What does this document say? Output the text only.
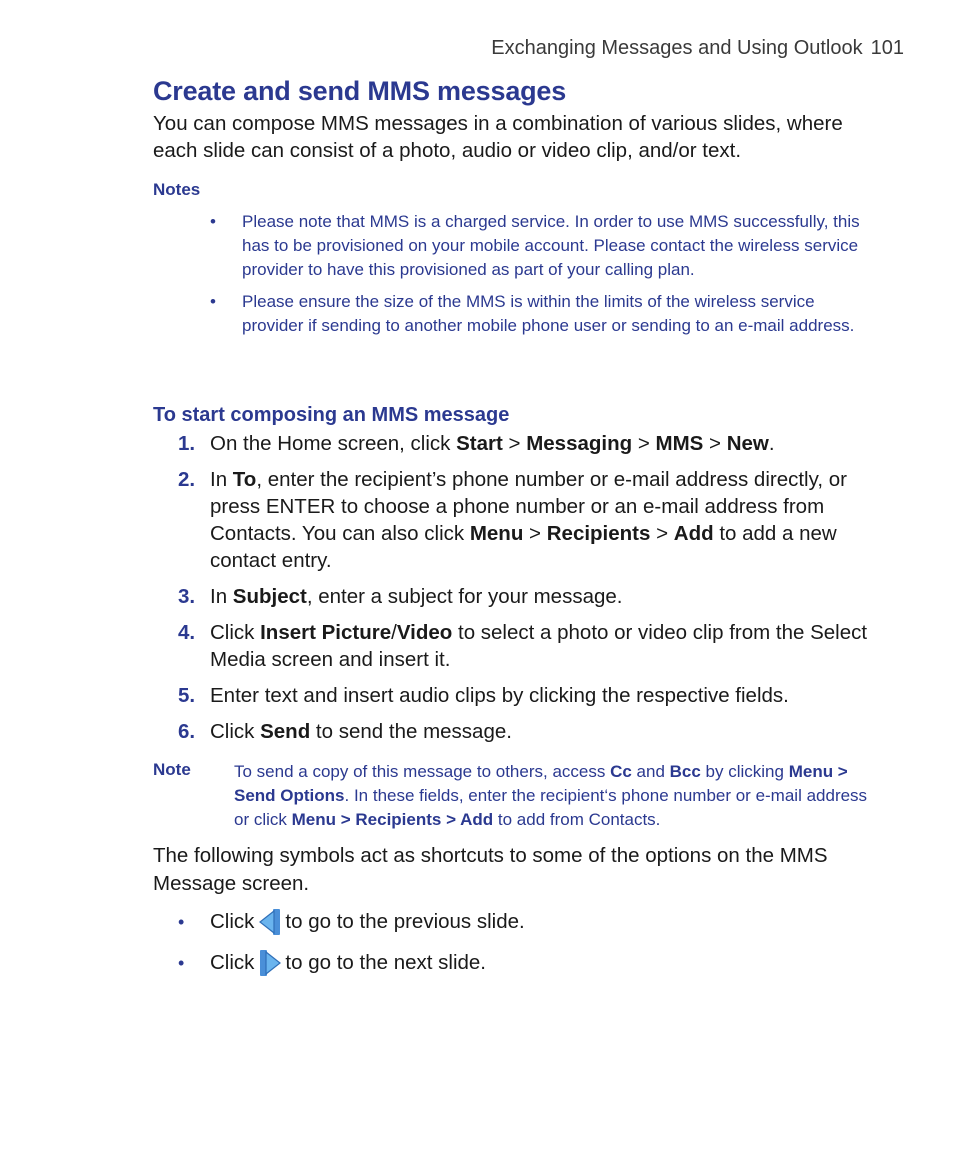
Exchanging Messages and Using Outlook 101
Create and send MMS messages

You can compose MMS messages in a combination of various slides, where each slide can consist of a photo, audio or video clip, and/or text.

Notes
• Please note that MMS is a charged service. In order to use MMS successfully, this has to be provisioned on your mobile account. Please contact the wireless service provider to have this provisioned as part of your calling plan.
• Please ensure the size of the MMS is within the limits of the wireless service provider if sending to another mobile phone user or sending to an e-mail address.
To start composing an MMS message
1. On the Home screen, click Start > Messaging > MMS > New.
2. In To, enter the recipient’s phone number or e-mail address directly, or press ENTER to choose a phone number or an e-mail address from Contacts. You can also click Menu > Recipients > Add to add a new contact entry.
3. In Subject, enter a subject for your message.
4. Click Insert Picture/Video to select a photo or video clip from the Select Media screen and insert it.
5. Enter text and insert audio clips by clicking the respective fields.
6. Click Send to send the message.
Note	To send a copy of this message to others, access Cc and Bcc by clicking Menu > Send Options. In these fields, enter the recipient‘s phone number or e-mail address or click Menu > Recipients > Add to add from Contacts.

The following symbols act as shortcuts to some of the options on the MMS Message screen.

•	Click to go to the previous slide.
•	Click to go to the next slide.
